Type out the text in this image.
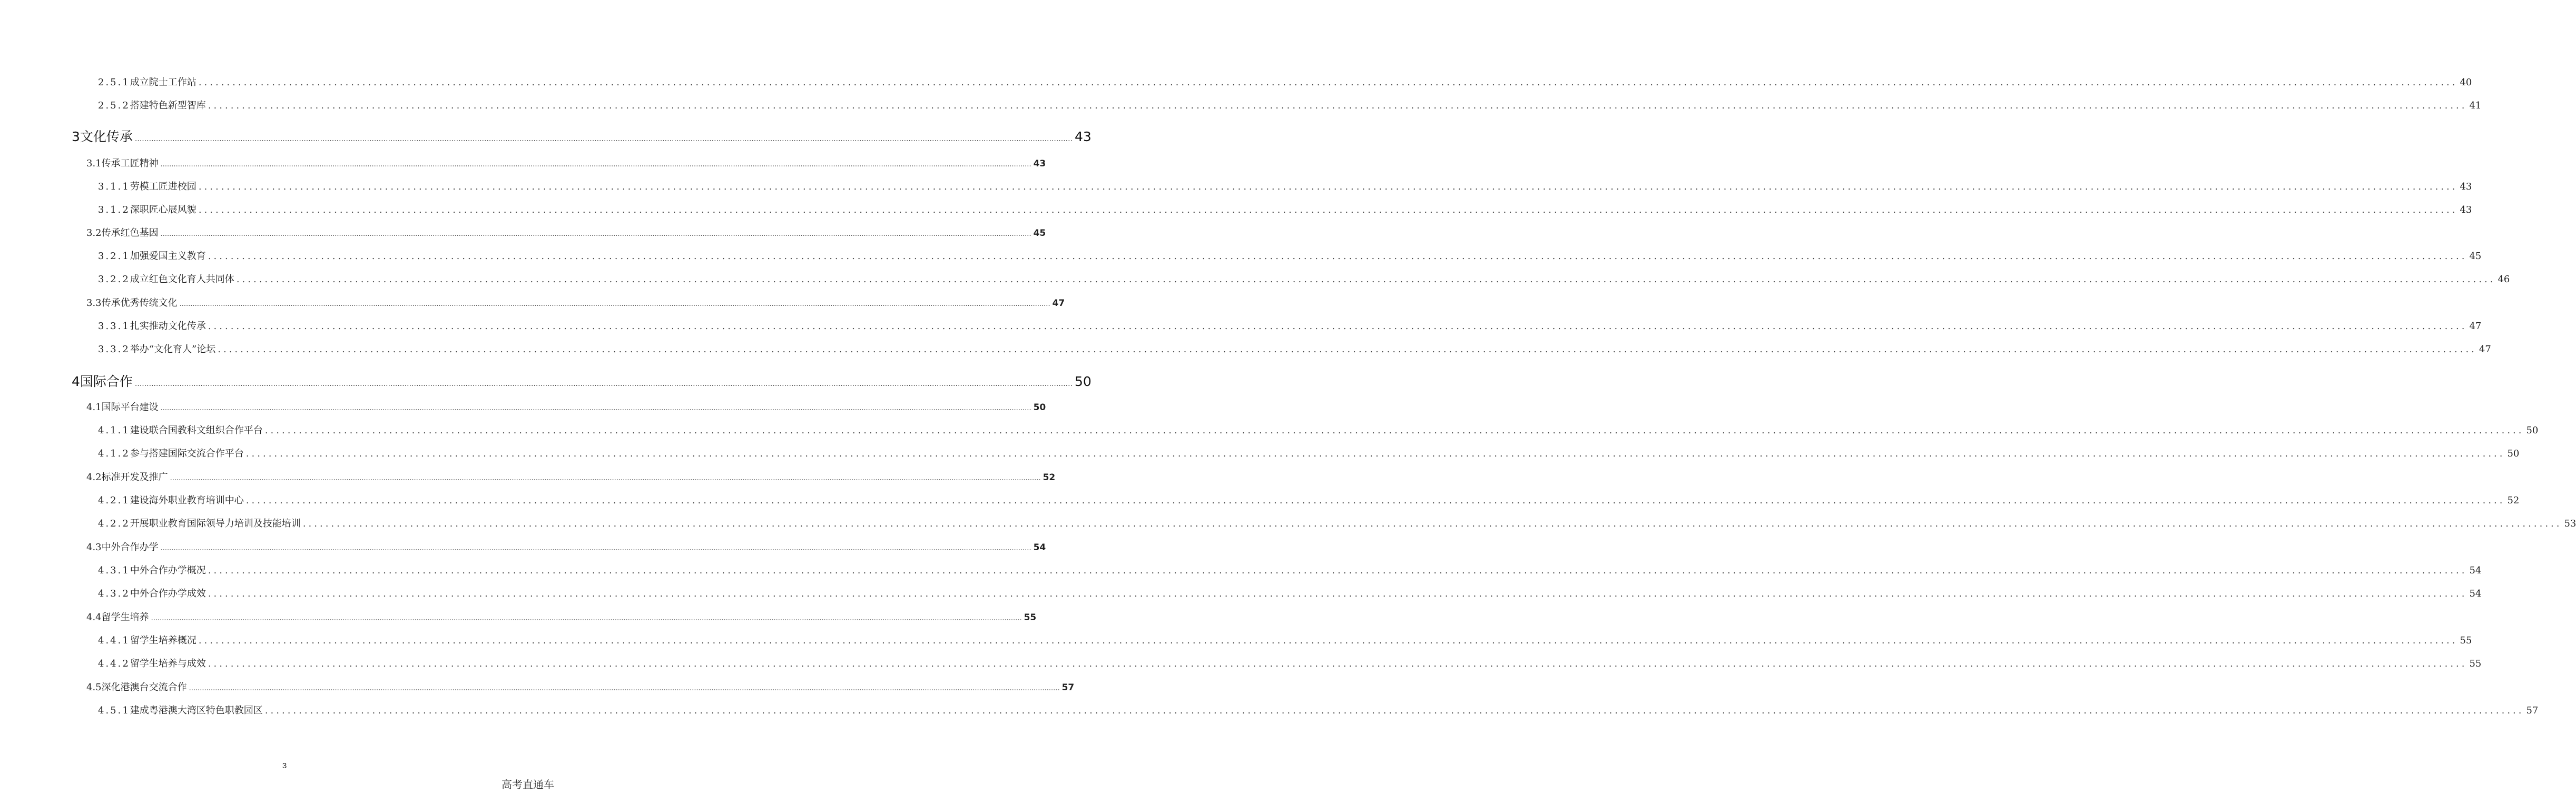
2.5.1 成立院士工作站 ................................................................................................................................................................................................................................................................................................................................................................................................................ 40
2.5.2 搭建特色新型智库 ................................................................................................................................................................................................................................................................................................................................................................................................................ 41
3 文化传承 ................................................................................................................................................................................................................................................................................................................................................................................................................ 43
3.1 传承工匠精神 ................................................................................................................................................................................................................................................................................................................................................................................................................ 43
3.1.1 劳模工匠进校园 ................................................................................................................................................................................................................................................................................................................................................................................................................ 43
3.1.2 深职匠心展风貌 ................................................................................................................................................................................................................................................................................................................................................................................................................ 43
3.2 传承红色基因 ................................................................................................................................................................................................................................................................................................................................................................................................................ 45
3.2.1 加强爱国主义教育 ................................................................................................................................................................................................................................................................................................................................................................................................................ 45
3.2.2 成立红色文化育人共同体 ................................................................................................................................................................................................................................................................................................................................................................................................................ 46
3.3 传承优秀传统文化 ................................................................................................................................................................................................................................................................................................................................................................................................................ 47
3.3.1 扎实推动文化传承 ................................................................................................................................................................................................................................................................................................................................................................................................................ 47
3.3.2 举办“文化育人”论坛 ................................................................................................................................................................................................................................................................................................................................................................................................................ 47
4 国际合作 ................................................................................................................................................................................................................................................................................................................................................................................................................ 50
4.1 国际平台建设 ................................................................................................................................................................................................................................................................................................................................................................................................................ 50
4.1.1 建设联合国教科文组织合作平台 ................................................................................................................................................................................................................................................................................................................................................................................................................ 50
4.1.2 参与搭建国际交流合作平台 ................................................................................................................................................................................................................................................................................................................................................................................................................ 50
4.2 标准开发及推广 ................................................................................................................................................................................................................................................................................................................................................................................................................ 52
4.2.1 建设海外职业教育培训中心 ................................................................................................................................................................................................................................................................................................................................................................................................................ 52
4.2.2 开展职业教育国际领导力培训及技能培训 ................................................................................................................................................................................................................................................................................................................................................................................................................ 53
4.3 中外合作办学 ................................................................................................................................................................................................................................................................................................................................................................................................................ 54
4.3.1 中外合作办学概况 ................................................................................................................................................................................................................................................................................................................................................................................................................ 54
4.3.2 中外合作办学成效 ................................................................................................................................................................................................................................................................................................................................................................................................................ 54
4.4 留学生培养 ................................................................................................................................................................................................................................................................................................................................................................................................................ 55
4.4.1 留学生培养概况 ................................................................................................................................................................................................................................................................................................................................................................................................................ 55
4.4.2 留学生培养与成效 ................................................................................................................................................................................................................................................................................................................................................................................................................ 55
4.5 深化港澳台交流合作 ................................................................................................................................................................................................................................................................................................................................................................................................................ 57
4.5.1 建成粤港澳大湾区特色职教园区 ................................................................................................................................................................................................................................................................................................................................................................................................................ 57
3
高考直通车
